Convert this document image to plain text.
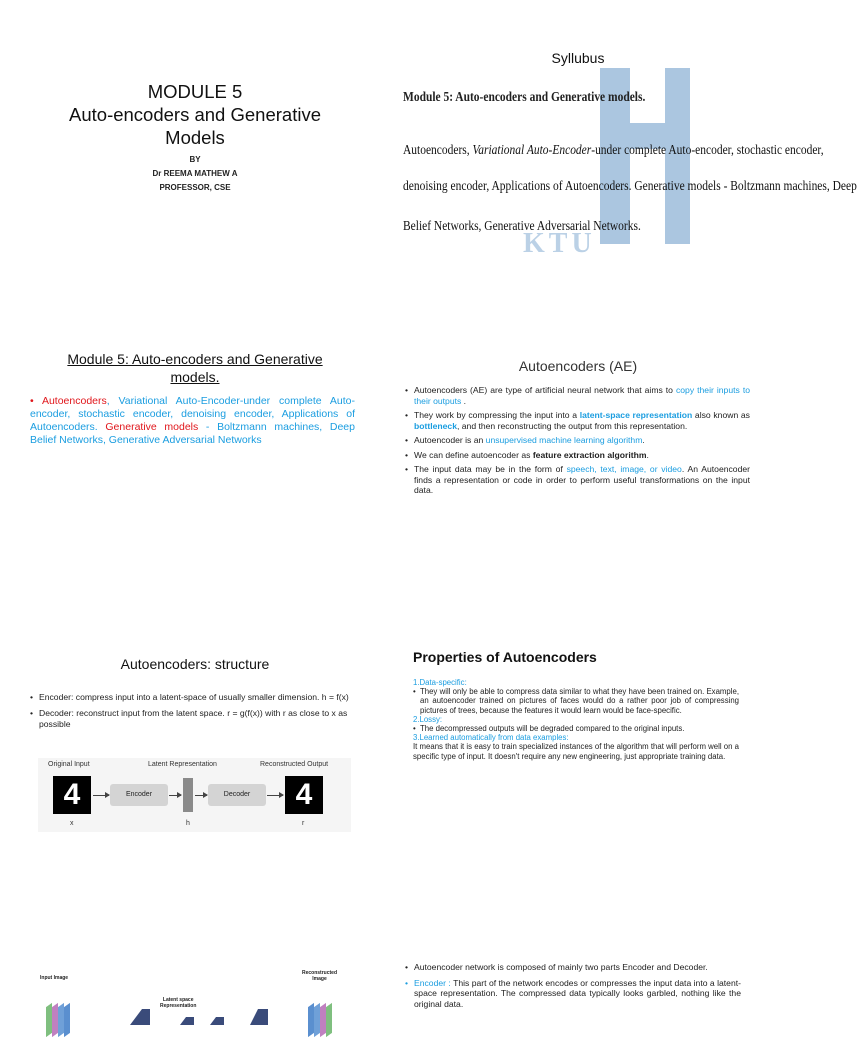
MODULE 5
Auto-encoders and Generative
Models
BY
Dr REEMA MATHEW A
PROFESSOR, CSE
KTU
Syllubus
Module 5: Auto-encoders and Generative models.
Autoencoders, Variational Auto-Encoder-under complete Auto-encoder, stochastic encoder,
denoising encoder, Applications of Autoencoders. Generative models - Boltzmann machines, Deep
Belief Networks, Generative Adversarial Networks.
Module 5: Auto-encoders and Generative
models.
• Autoencoders, Variational Auto-Encoder-under complete Auto-encoder, stochastic encoder, denoising encoder, Applications of Autoencoders. Generative models - Boltzmann machines, Deep Belief Networks, Generative Adversarial Networks
Autoencoders (AE)
• Autoencoders (AE) are type of artificial neural network that aims to copy their inputs to their outputs .
• They work by compressing the input into a latent-space representation also known as bottleneck, and then reconstructing the output from this representation.
• Autoencoder is an unsupervised machine learning algorithm.
• We can define autoencoder as feature extraction algorithm.
• The input data may be in the form of speech, text, image, or video. An Autoencoder finds a representation or code in order to perform useful transformations on the input data.
Autoencoders: structure
• Encoder: compress input into a latent-space of usually smaller dimension. h = f(x)
• Decoder: reconstruct input from the latent space. r = g(f(x)) with r as close to x as possible
Original Input	Latent Representation	Reconstructed Output
4	Encoder	Decoder	4
x	h	r
Properties of Autoencoders
1.Data-specific:
• They will only be able to compress data similar to what they have been trained on. Example, an autoencoder trained on pictures of faces would do a rather poor job of compressing pictures of trees, because the features it would learn would be face-specific.
2.Lossy:
• The decompressed outputs will be degraded compared to the original inputs.
3.Learned automatically from data examples:
It means that it is easy to train specialized instances of the algorithm that will perform well on a specific type of input. It doesn't require any new engineering, just appropriate training data.
Input Image
Latent space
Representation
Reconstructed
Image
• Autoencoder network is composed of mainly two parts Encoder and Decoder.
• Encoder : This part of the network encodes or compresses the input data into a latent-space representation. The compressed data typically looks garbled, nothing like the original data.
